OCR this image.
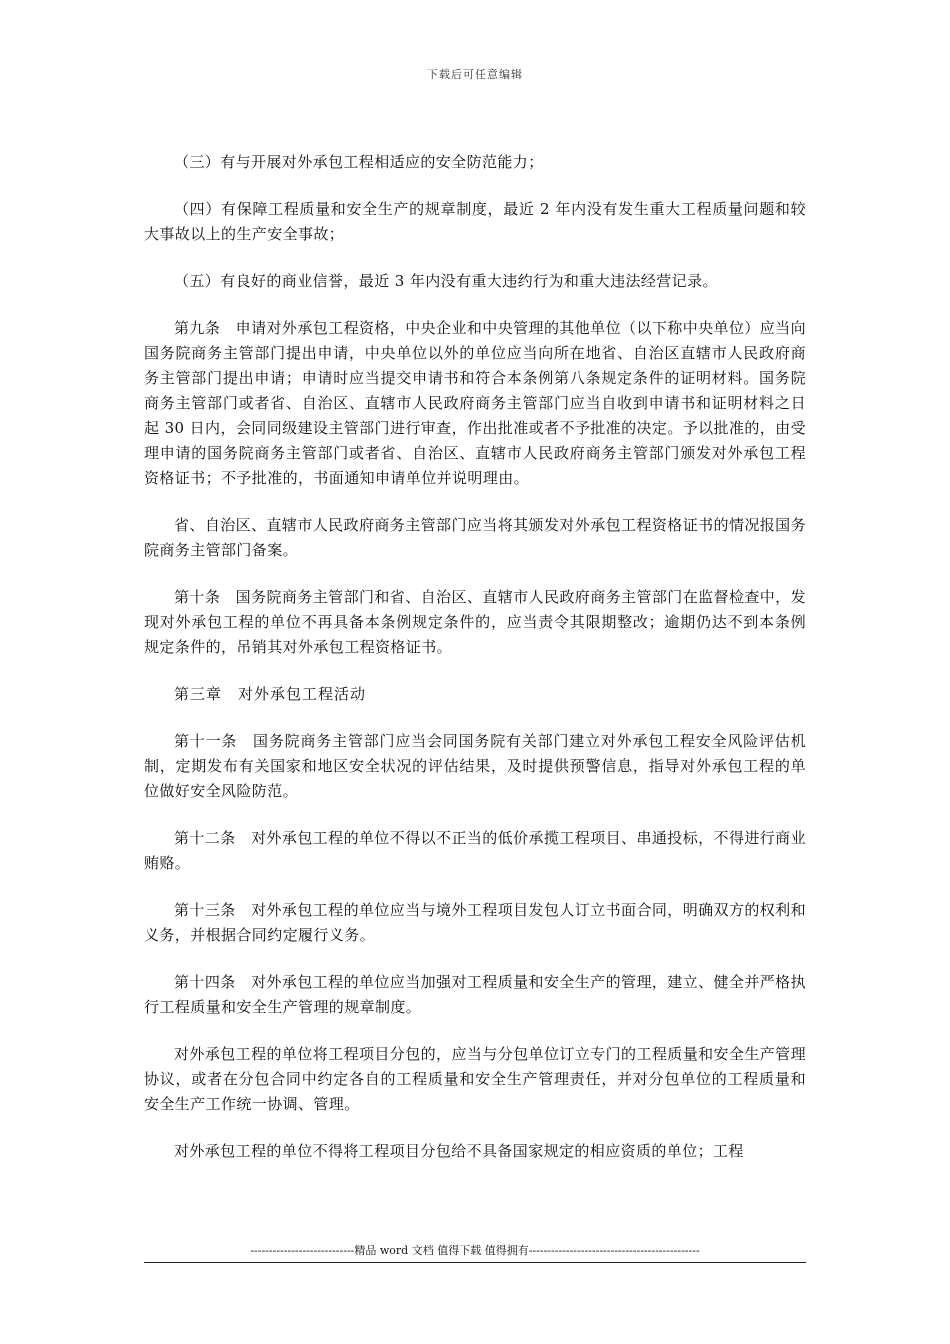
下载后可任意编辑

（三）有与开展对外承包工程相适应的安全防范能力；

（四）有保障工程质量和安全生产的规章制度，最近 2 年内没有发生重大工程质量问题和较大事故以上的生产安全事故；

（五）有良好的商业信誉，最近 3 年内没有重大违约行为和重大违法经营记录。

第九条　申请对外承包工程资格，中央企业和中央管理的其他单位（以下称中央单位）应当向国务院商务主管部门提出申请，中央单位以外的单位应当向所在地省、自治区直辖市人民政府商务主管部门提出申请；申请时应当提交申请书和符合本条例第八条规定条件的证明材料。国务院商务主管部门或者省、自治区、直辖市人民政府商务主管部门应当自收到申请书和证明材料之日起 30 日内，会同同级建设主管部门进行审查，作出批准或者不予批准的决定。予以批准的，由受理申请的国务院商务主管部门或者省、自治区、直辖市人民政府商务主管部门颁发对外承包工程资格证书；不予批准的，书面通知申请单位并说明理由。

省、自治区、直辖市人民政府商务主管部门应当将其颁发对外承包工程资格证书的情况报国务院商务主管部门备案。

第十条　国务院商务主管部门和省、自治区、直辖市人民政府商务主管部门在监督检查中，发现对外承包工程的单位不再具备本条例规定条件的，应当责令其限期整改；逾期仍达不到本条例规定条件的，吊销其对外承包工程资格证书。

第三章　对外承包工程活动

第十一条　国务院商务主管部门应当会同国务院有关部门建立对外承包工程安全风险评估机制，定期发布有关国家和地区安全状况的评估结果，及时提供预警信息，指导对外承包工程的单位做好安全风险防范。

第十二条　对外承包工程的单位不得以不正当的低价承揽工程项目、串通投标，不得进行商业贿赂。

第十三条　对外承包工程的单位应当与境外工程项目发包人订立书面合同，明确双方的权利和义务，并根据合同约定履行义务。

第十四条　对外承包工程的单位应当加强对工程质量和安全生产的管理，建立、健全并严格执行工程质量和安全生产管理的规章制度。

对外承包工程的单位将工程项目分包的，应当与分包单位订立专门的工程质量和安全生产管理协议，或者在分包合同中约定各自的工程质量和安全生产管理责任，并对分包单位的工程质量和安全生产工作统一协调、管理。

对外承包工程的单位不得将工程项目分包给不具备国家规定的相应资质的单位；工程

----------------------------精品 word 文档 值得下载 值得拥有----------------------------------------------
